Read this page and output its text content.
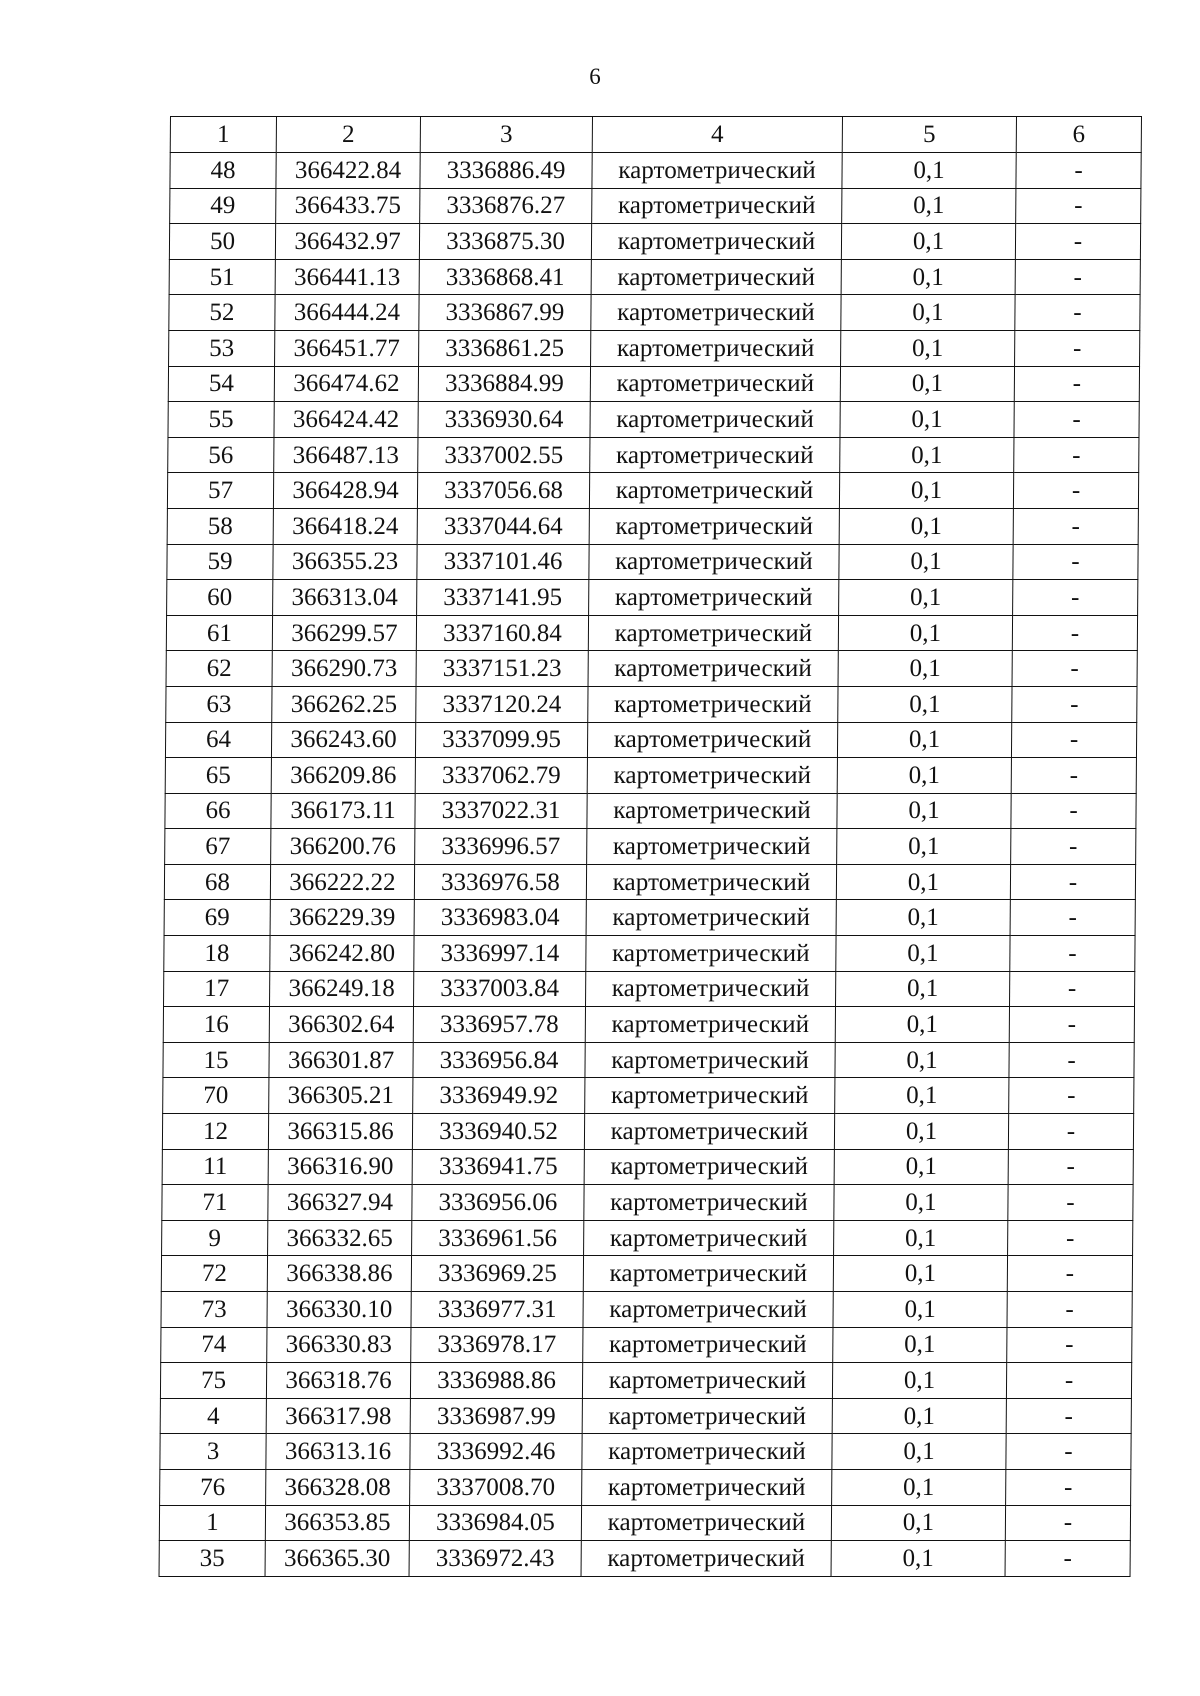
6
1	2	3	4	5	6
48	366422.84	3336886.49	картометрический	0,1	-
49	366433.75	3336876.27	картометрический	0,1	-
50	366432.97	3336875.30	картометрический	0,1	-
51	366441.13	3336868.41	картометрический	0,1	-
52	366444.24	3336867.99	картометрический	0,1	-
53	366451.77	3336861.25	картометрический	0,1	-
54	366474.62	3336884.99	картометрический	0,1	-
55	366424.42	3336930.64	картометрический	0,1	-
56	366487.13	3337002.55	картометрический	0,1	-
57	366428.94	3337056.68	картометрический	0,1	-
58	366418.24	3337044.64	картометрический	0,1	-
59	366355.23	3337101.46	картометрический	0,1	-
60	366313.04	3337141.95	картометрический	0,1	-
61	366299.57	3337160.84	картометрический	0,1	-
62	366290.73	3337151.23	картометрический	0,1	-
63	366262.25	3337120.24	картометрический	0,1	-
64	366243.60	3337099.95	картометрический	0,1	-
65	366209.86	3337062.79	картометрический	0,1	-
66	366173.11	3337022.31	картометрический	0,1	-
67	366200.76	3336996.57	картометрический	0,1	-
68	366222.22	3336976.58	картометрический	0,1	-
69	366229.39	3336983.04	картометрический	0,1	-
18	366242.80	3336997.14	картометрический	0,1	-
17	366249.18	3337003.84	картометрический	0,1	-
16	366302.64	3336957.78	картометрический	0,1	-
15	366301.87	3336956.84	картометрический	0,1	-
70	366305.21	3336949.92	картометрический	0,1	-
12	366315.86	3336940.52	картометрический	0,1	-
11	366316.90	3336941.75	картометрический	0,1	-
71	366327.94	3336956.06	картометрический	0,1	-
9	366332.65	3336961.56	картометрический	0,1	-
72	366338.86	3336969.25	картометрический	0,1	-
73	366330.10	3336977.31	картометрический	0,1	-
74	366330.83	3336978.17	картометрический	0,1	-
75	366318.76	3336988.86	картометрический	0,1	-
4	366317.98	3336987.99	картометрический	0,1	-
3	366313.16	3336992.46	картометрический	0,1	-
76	366328.08	3337008.70	картометрический	0,1	-
1	366353.85	3336984.05	картометрический	0,1	-
35	366365.30	3336972.43	картометрический	0,1	-
